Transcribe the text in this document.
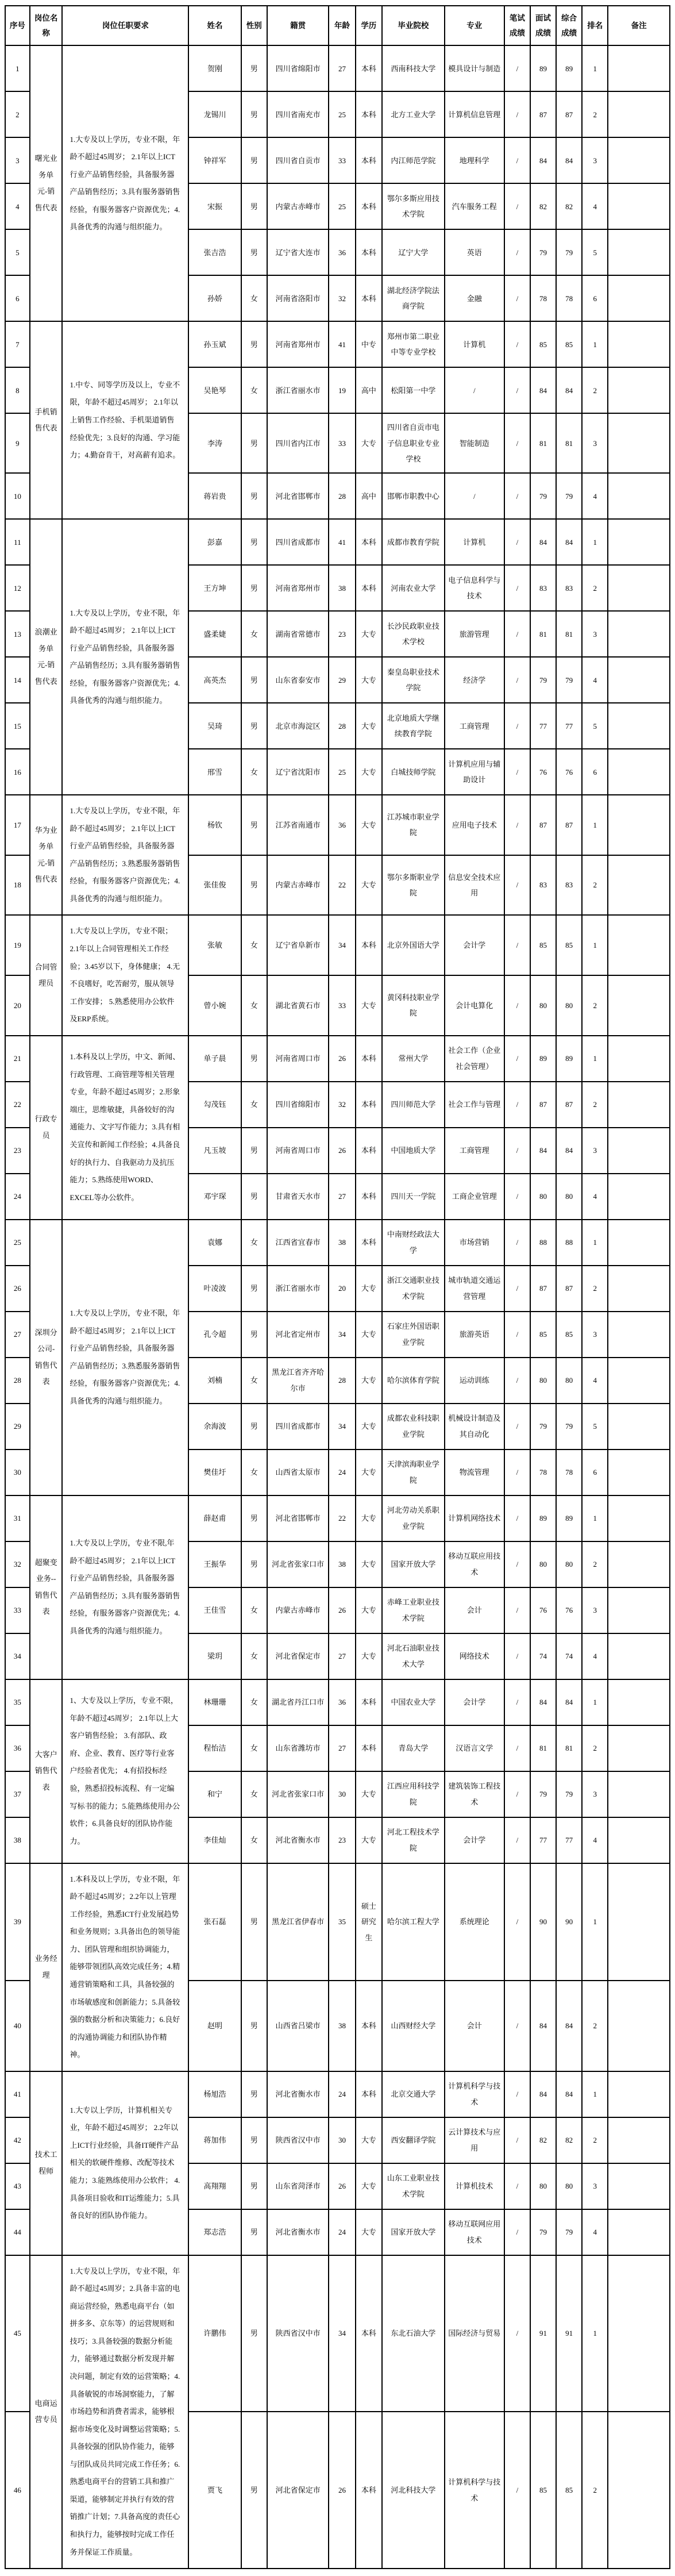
序号	岗位名称	岗位任职要求	姓名	性别	籍贯	年龄	学历	毕业院校	专业	笔试成绩	面试成绩	综合成绩	排名	备注
1	曙光业务单元-销售代表	1.大专及以上学历，专业不限，年龄不超过45周岁； 2.1年以上ICT行业产品销售经验，具备服务器产品销售经历；3.具有服务器销售经验，有服务器客户资源优先；4.具备优秀的沟通与组织能力。	贺刚	男	四川省绵阳市	27	本科	西南科技大学	模具设计与制造	/	89	89	1	
2			龙锡川	男	四川省南充市	25	本科	北方工业大学	计算机信息管理	/	87	87	2	
3			钟祥军	男	四川省自贡市	33	本科	内江师范学院	地理科学	/	84	84	3	
4			宋振	男	内蒙古赤峰市	25	本科	鄂尔多斯应用技术学院	汽车服务工程	/	82	82	4	
5			张吉浩	男	辽宁省大连市	36	本科	辽宁大学	英语	/	79	79	5	
6			孙娇	女	河南省洛阳市	32	本科	湖北经济学院法商学院	金融	/	78	78	6	
7	手机销售代表	1.中专、同等学历及以上，专业不限，年龄不超过45周岁； 2.1年以上销售工作经验、手机渠道销售经验优先；3.良好的沟通、学习能力；4.勤奋肯干，对高薪有追求。	孙玉斌	男	河南省郑州市	41	中专	郑州市第二职业中等专业学校	计算机	/	85	85	1	
8			吴艳琴	女	浙江省丽水市	19	高中	松阳第一中学	/	/	84	84	2	
9			李涛	男	四川省内江市	33	大专	四川省自贡市电子信息职业专业学校	智能制造	/	81	81	3	
10			蒋岩贵	男	河北省邯郸市	28	高中	邯郸市职教中心	/	/	79	79	4	
11	浪潮业务单元-销售代表	1.大专及以上学历，专业不限，年龄不超过45周岁； 2.1年以上ICT行业产品销售经验，具备服务器产品销售经历；3.具有服务器销售经验，有服务器客户资源优先；4.具备优秀的沟通与组织能力。	彭嘉	男	四川省成都市	41	本科	成都市教育学院	计算机	/	84	84	1	
12			王方坤	男	河南省郑州市	38	本科	河南农业大学	电子信息科学与技术	/	83	83	2	
13			盛柔婕	女	湖南省常德市	23	大专	长沙民政职业技术学校	旅游管理	/	81	81	3	
14			高英杰	男	山东省泰安市	29	大专	秦皇岛职业技术学院	经济学	/	79	79	4	
15			吴琦	男	北京市海淀区	28	大专	北京地质大学继续教育学院	工商管理	/	77	77	5	
16			邢雪	女	辽宁省沈阳市	25	大专	白城技师学院	计算机应用与辅助设计	/	76	76	6	
17	华为业务单元-销售代表	1.大专及以上学历，专业不限，年龄不超过45周岁； 2.1年以上ICT行业产品销售经验，具备服务器产品销售经历；3.熟悉服务器销售经验，有服务器客户资源优先；4.具备优秀的沟通与组织能力。	杨钦	男	江苏省南通市	36	大专	江苏城市职业学院	应用电子技术	/	87	87	1	
18			张佳俊	男	内蒙古赤峰市	22	大专	鄂尔多斯职业学院	信息安全技术应用	/	83	83	2	
19	合同管理员	1.大专及以上学历，专业不限；2.1年以上合同管理相关工作经验；3.45岁以下，身体健康； 4.无不良嗜好，吃苦耐劳，服从领导工作安排； 5.熟悉使用办公软件及ERP系统。	张敏	女	辽宁省阜新市	34	本科	北京外国语大学	会计学	/	85	85	1	
20			曾小婉	女	湖北省黄石市	33	大专	黄冈科技职业学院	会计电算化	/	80	80	2	
21	行政专员	1.本科及以上学历，中文、新闻、行政管理、工商管理等相关管理专业，年龄不超过45周岁；2.形象端庄，思维敏捷，具备较好的沟通能力、文字写作能力；3.具有相关宣传和新闻工作经验；4.具备良好的执行力、自我驱动力及抗压能力；5.熟练使用WORD、EXCEL等办公软件。	单子晨	男	河南省周口市	26	本科	常州大学	社会工作（企业社会管理）	/	89	89	1	
22			勾茂钰	女	四川省绵阳市	32	本科	四川师范大学	社会工作与管理	/	87	87	2	
23			凡玉坡	男	河南省周口市	26	本科	中国地质大学	工商管理	/	84	84	3	
24			邓宇琛	男	甘肃省天水市	27	本科	四川天一学院	工商企业管理	/	80	80	4	
25	深圳分公司-销售代表	1.大专及以上学历，专业不限，年龄不超过45周岁； 2.1年以上ICT行业产品销售经验，具备服务器产品销售经历；3.熟悉服务器销售经验，有服务器客户资源优先；4.具备优秀的沟通与组织能力。	袁娜	女	江西省宜春市	38	本科	中南财经政法大学	市场营销	/	88	88	1	
26			叶凌波	男	浙江省丽水市	20	大专	浙江交通职业技术学院	城市轨道交通运营管理	/	87	87	2	
27			孔令超	男	河北省定州市	34	大专	石家庄外国语职业学院	旅游英语	/	85	85	3	
28			刘楠	女	黑龙江省齐齐哈尔市	28	大专	哈尔滨体育学院	运动训练	/	80	80	4	
29			余海波	男	四川省成都市	34	大专	成都农业科技职业学院	机械设计制造及其自动化	/	79	79	5	
30			樊佳圩	女	山西省太原市	24	大专	天津滨海职业学院	物流管理	/	78	78	6	
31	超聚变业务--销售代表	1.大专及以上学历，专业不限,年龄不超过45周岁； 2.1年以上ICT行业产品销售经验，具备服务器产品销售经历；3.具有服务器销售经验，有服务器客户资源优先；4.具备优秀的沟通与组织能力。	薛赵甫	男	河北省邯郸市	22	大专	河北劳动关系职业学院	计算机网络技术	/	89	89	1	
32			王振华	男	河北省张家口市	38	大专	国家开放大学	移动互联应用技术	/	80	80	2	
33			王佳雪	女	内蒙古赤峰市	26	大专	赤峰工业职业技术学院	会计	/	76	76	3	
34			梁玥	女	河北省保定市	27	大专	河北石油职业技术大学	网络技术	/	74	74	4	
35	大客户销售代表	1、大专及以上学历，专业不限，年龄不超过45周岁； 2.1年以上大客户销售经验； 3.有部队、政府、企业、教育、医疗等行业客户经验者优先； 4.有招投标经验，熟悉招投标流程、有一定编写标书的能力；5.能熟练使用办公软件；6.具备良好的团队协作能力。	林珊珊	女	湖北省丹江口市	36	本科	中国农业大学	会计学	/	84	84	1	
36			程怡洁	女	山东省潍坊市	27	本科	青岛大学	汉语言文学	/	81	81	2	
37			和宁	女	河北省张家口市	30	大专	江西应用科技学院	建筑装饰工程技术	/	79	79	3	
38			李佳灿	女	河北省衡水市	23	大专	河北工程技术学院	会计学	/	77	77	4	
39	业务经理	1.本科及以上学历，专业不限，年龄不超过45周岁；2.2年以上管理工作经验，熟悉ICT行业发展趋势和业务规则；3.具备出色的领导能力、团队管理和组织协调能力，能够带领团队高效完成任务；4.精通营销策略和工具，具备较强的市场敏感度和创新能力；5.具备较强的数据分析和决策能力；6.良好的沟通协调能力和团队协作精神。	张石磊	男	黑龙江省伊春市	35	硕士研究生	哈尔滨工程大学	系统理论	/	90	90	1	
40			赵明	男	山西省吕梁市	38	本科	山西财经大学	会计	/	84	84	2	
41	技术工程师	1.大专以上学历，计算机相关专业，年龄不超过45周岁； 2.2年以上ICT行业经验，具备IT硬件产品相关的软硬件维修、改配等技术能力；3.能熟练使用办公软件； 4.具备项目验收和IT运维能力；5.具备良好的团队协作能力。	杨旭浩	男	河北省衡水市	24	本科	北京交通大学	计算机科学与技术	/	84	84	1	
42			蒋加伟	男	陕西省汉中市	30	大专	西安翻译学院	云计算技术与应用	/	82	82	2	
43			高翔翔	男	山东省菏泽市	26	大专	山东工业职业技术学院	计算机技术	/	80	80	3	
44			郑志浩	男	河北省衡水市	24	大专	国家开放大学	移动互联网应用技术	/	79	79	4	
45	电商运营专员	1.大专及以上学历，专业不限，年龄不超过45周岁；2.具备丰富的电商运营经验，熟悉电商平台（如拼多多、京东等）的运营规则和技巧；3.具备较强的数据分析能力，能够通过数据分析发现并解决问题，制定有效的运营策略；4.具备敏锐的市场洞察能力，了解市场趋势和消费者需求，能够根据市场变化及时调整运营策略；5.具备较强的团队协作能力，能够与团队成员共同完成工作任务；6.熟悉电商平台的营销工具和推广渠道，能够制定并执行有效的营销推广计划；7.具备高度的责任心和执行力，能够按时完成工作任务并保证工作质量。	许鹏伟	男	陕西省汉中市	34	本科	东北石油大学	国际经济与贸易	/	91	91	1	
46			贾飞	男	河北省保定市	26	本科	河北科技大学	计算机科学与技术	/	85	85	2	
